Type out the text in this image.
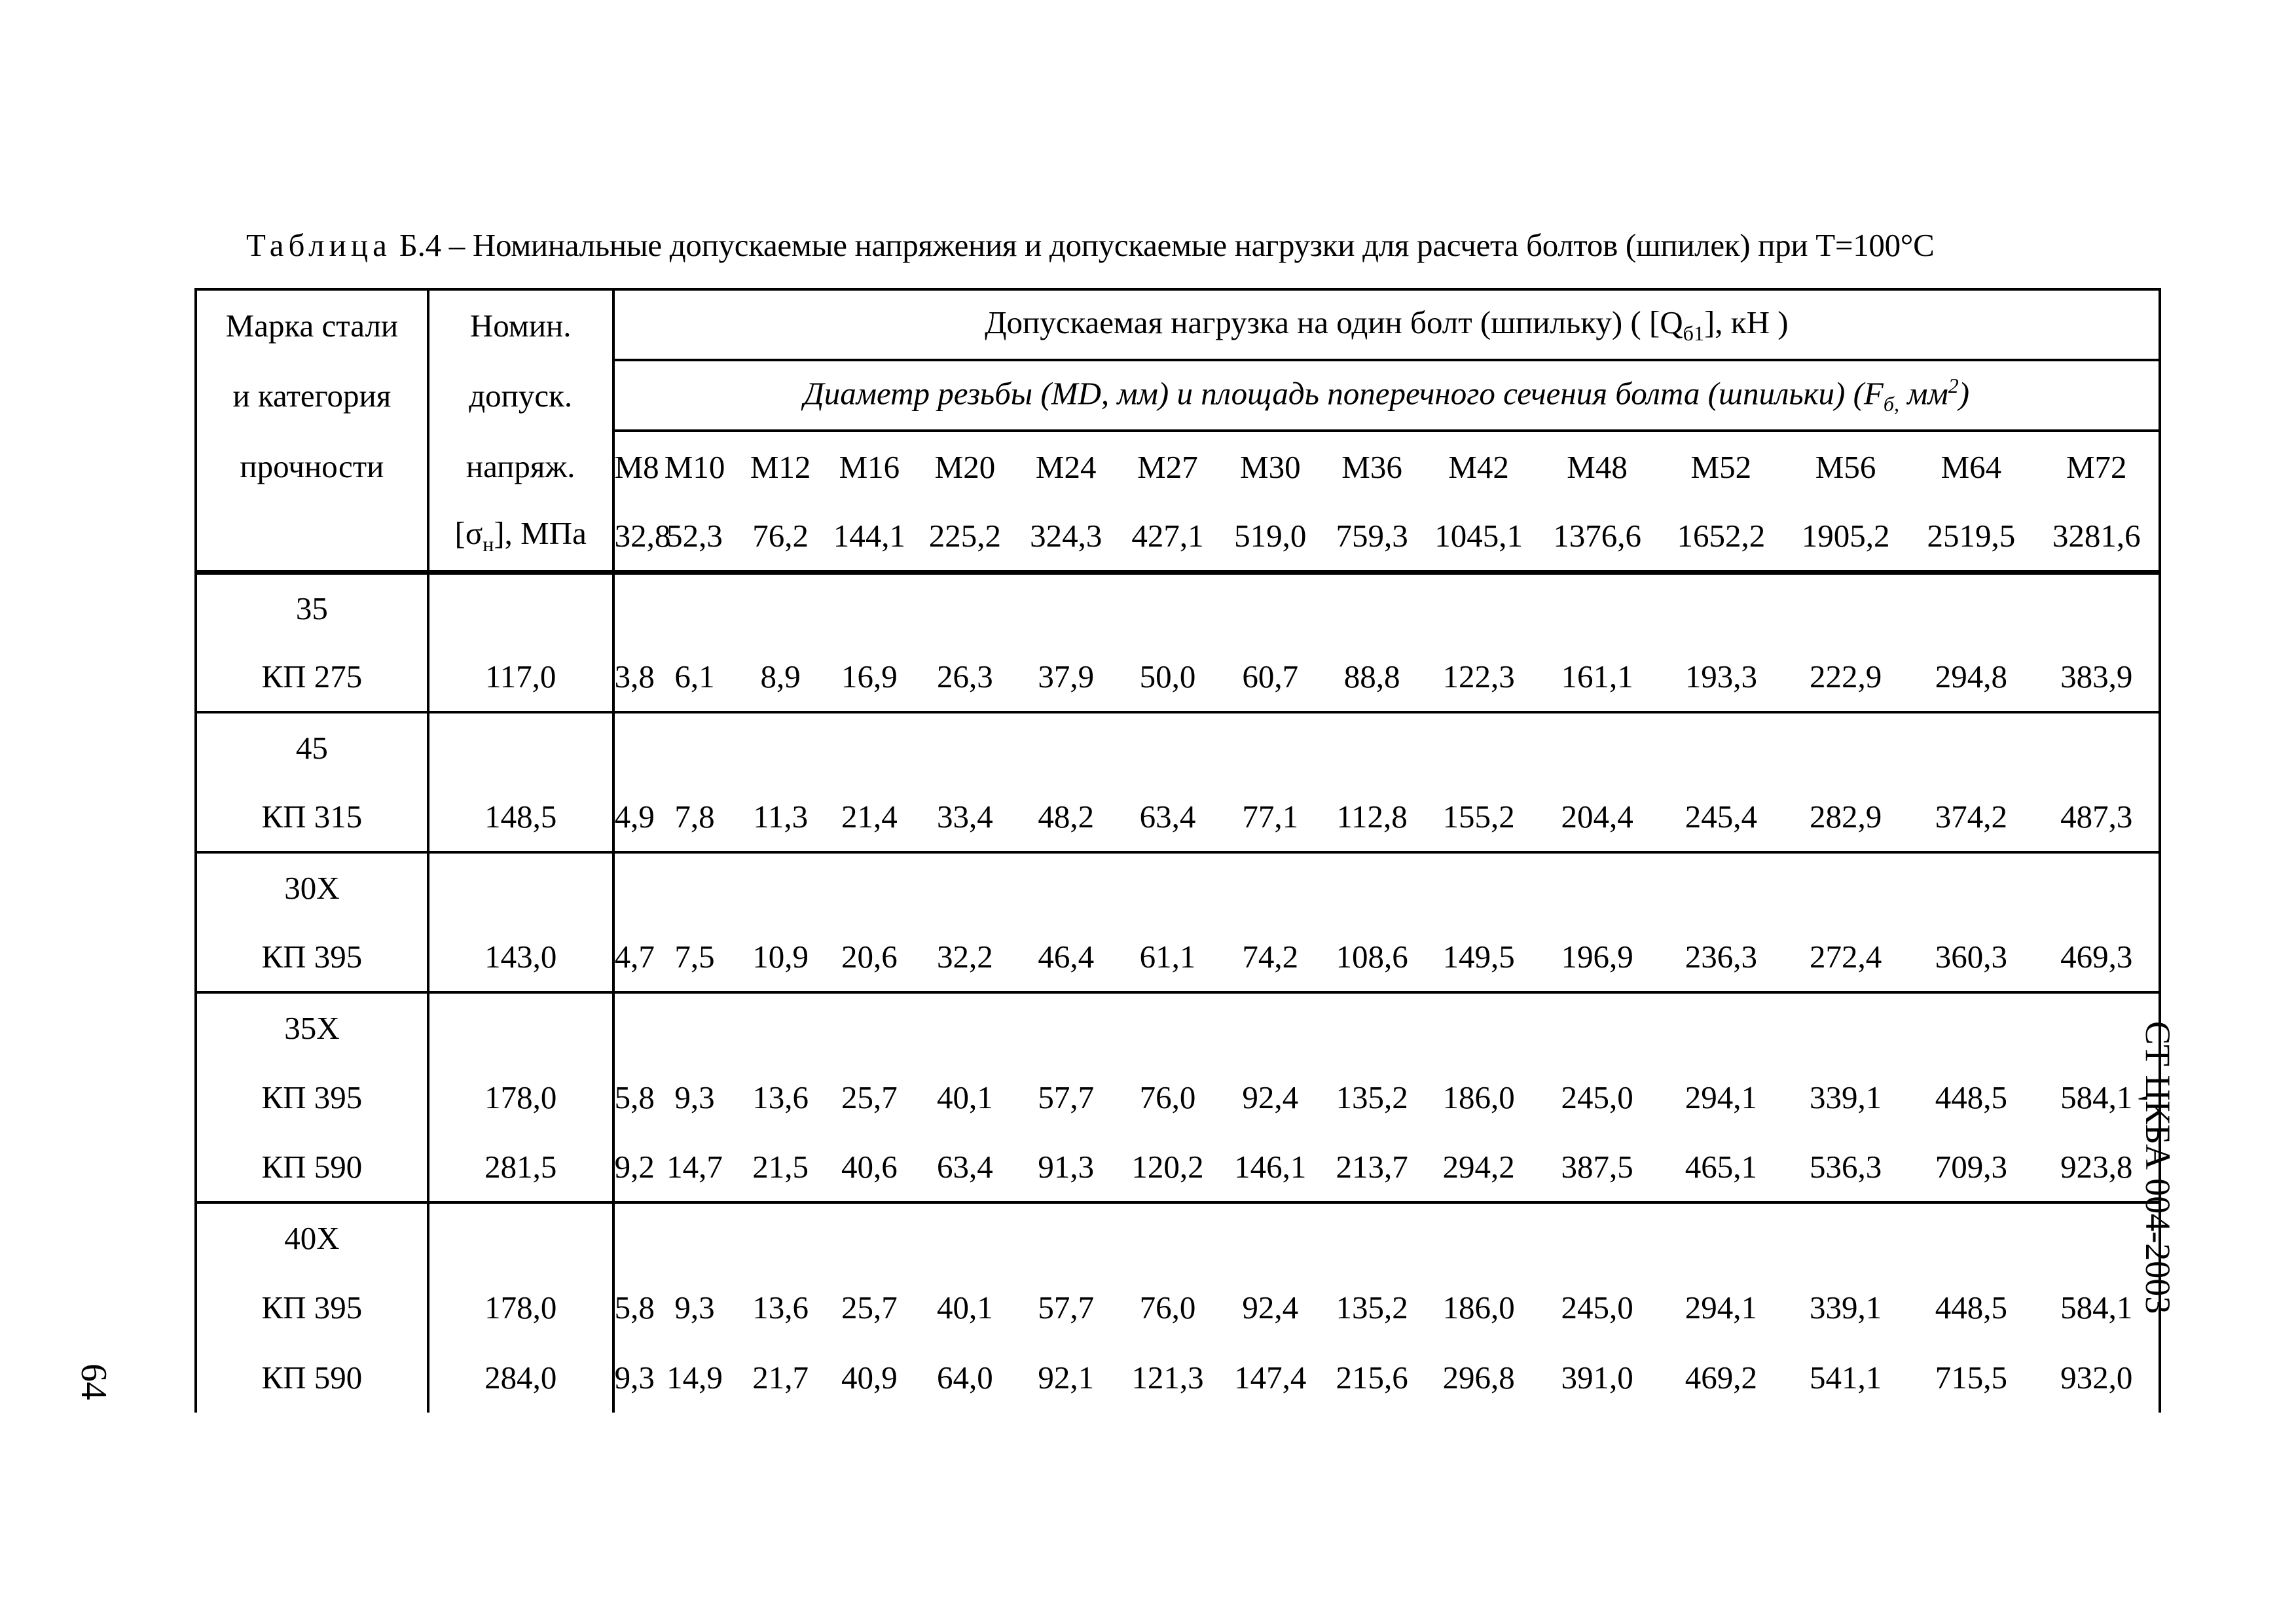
Таблица Б.4 – Номинальные допускаемые напряжения и допускаемые нагрузки для расчета болтов (шпилек) при Т=100°С
Марка стали	Номин.	Допускаемая нагрузка на один болт (шпильку) ( $[Q_{б1}]$, кН )														
и категория	допуск.	Диаметр резьбы (MD, мм) и площадь поперечного сечения болта (шпильки) ($F_{б,}$ $мм^2$)														
прочности	напряж.	М8	М10	М12	М16	М20	М24	М27	М30	М36	М42	М48	М52	М56	М64	М72
	$[\sigma_н]$, МПа	32,8	52,3	76,2	144,1	225,2	324,3	427,1	519,0	759,3	1045,1	1376,6	1652,2	1905,2	2519,5	3281,6
35																
КП 275	117,0	3,8	6,1	8,9	16,9	26,3	37,9	50,0	60,7	88,8	122,3	161,1	193,3	222,9	294,8	383,9
45																
КП 315	148,5	4,9	7,8	11,3	21,4	33,4	48,2	63,4	77,1	112,8	155,2	204,4	245,4	282,9	374,2	487,3
30Х																
КП 395	143,0	4,7	7,5	10,9	20,6	32,2	46,4	61,1	74,2	108,6	149,5	196,9	236,3	272,4	360,3	469,3
35Х																
КП 395	178,0	5,8	9,3	13,6	25,7	40,1	57,7	76,0	92,4	135,2	186,0	245,0	294,1	339,1	448,5	584,1
КП 590	281,5	9,2	14,7	21,5	40,6	63,4	91,3	120,2	146,1	213,7	294,2	387,5	465,1	536,3	709,3	923,8
40Х																
КП 395	178,0	5,8	9,3	13,6	25,7	40,1	57,7	76,0	92,4	135,2	186,0	245,0	294,1	339,1	448,5	584,1
КП 590	284,0	9,3	14,9	21,7	40,9	64,0	92,1	121,3	147,4	215,6	296,8	391,0	469,2	541,1	715,5	932,0
СТ ЦКБА 004-2003
64
